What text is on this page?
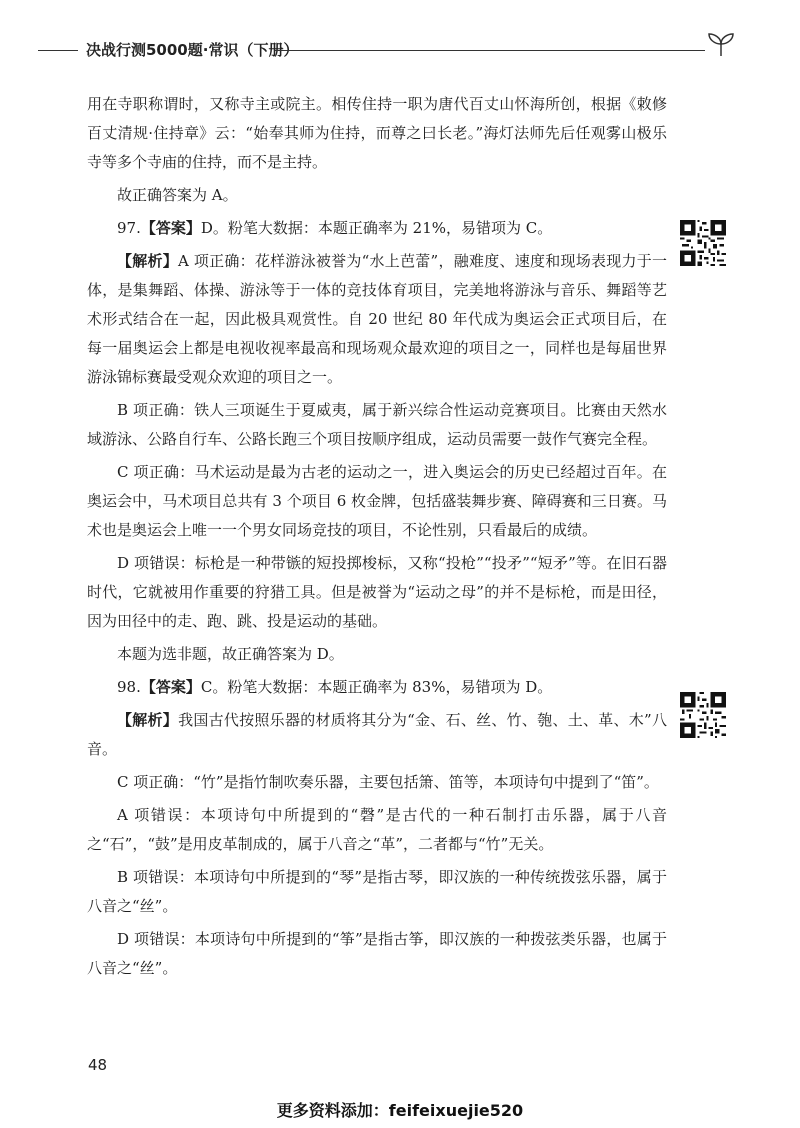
决战行测5000题·常识（下册）

用在寺职称谓时，又称寺主或院主。相传住持一职为唐代百丈山怀海所创，根据《敕修百丈清规·住持章》云：“始奉其师为住持，而尊之曰长老。”海灯法师先后任观雾山极乐寺等多个寺庙的住持，而不是主持。

故正确答案为 A。

97.【答案】D。粉笔大数据：本题正确率为 21%，易错项为 C。

【解析】A 项正确：花样游泳被誉为“水上芭蕾”，融难度、速度和现场表现力于一体，是集舞蹈、体操、游泳等于一体的竞技体育项目，完美地将游泳与音乐、舞蹈等艺术形式结合在一起，因此极具观赏性。自 20 世纪 80 年代成为奥运会正式项目后，在每一届奥运会上都是电视收视率最高和现场观众最欢迎的项目之一，同样也是每届世界游泳锦标赛最受观众欢迎的项目之一。

B 项正确：铁人三项诞生于夏威夷，属于新兴综合性运动竞赛项目。比赛由天然水域游泳、公路自行车、公路长跑三个项目按顺序组成，运动员需要一鼓作气赛完全程。

C 项正确：马术运动是最为古老的运动之一，进入奥运会的历史已经超过百年。在奥运会中，马术项目总共有 3 个项目 6 枚金牌，包括盛装舞步赛、障碍赛和三日赛。马术也是奥运会上唯一一个男女同场竞技的项目，不论性别，只看最后的成绩。

D 项错误：标枪是一种带镞的短投掷梭标，又称“投枪”“投矛”“短矛”等。在旧石器时代，它就被用作重要的狩猎工具。但是被誉为“运动之母”的并不是标枪，而是田径，因为田径中的走、跑、跳、投是运动的基础。

本题为选非题，故正确答案为 D。

98.【答案】C。粉笔大数据：本题正确率为 83%，易错项为 D。

【解析】我国古代按照乐器的材质将其分为“金、石、丝、竹、匏、土、革、木”八音。

C 项正确：“竹”是指竹制吹奏乐器，主要包括箫、笛等，本项诗句中提到了“笛”。

A 项错误：本项诗句中所提到的“磬”是古代的一种石制打击乐器，属于八音之“石”，“鼓”是用皮革制成的，属于八音之“革”，二者都与“竹”无关。

B 项错误：本项诗句中所提到的“琴”是指古琴，即汉族的一种传统拨弦乐器，属于八音之“丝”。

D 项错误：本项诗句中所提到的“筝”是指古筝，即汉族的一种拨弦类乐器，也属于八音之“丝”。

48
更多资料添加：feifeixuejie520
